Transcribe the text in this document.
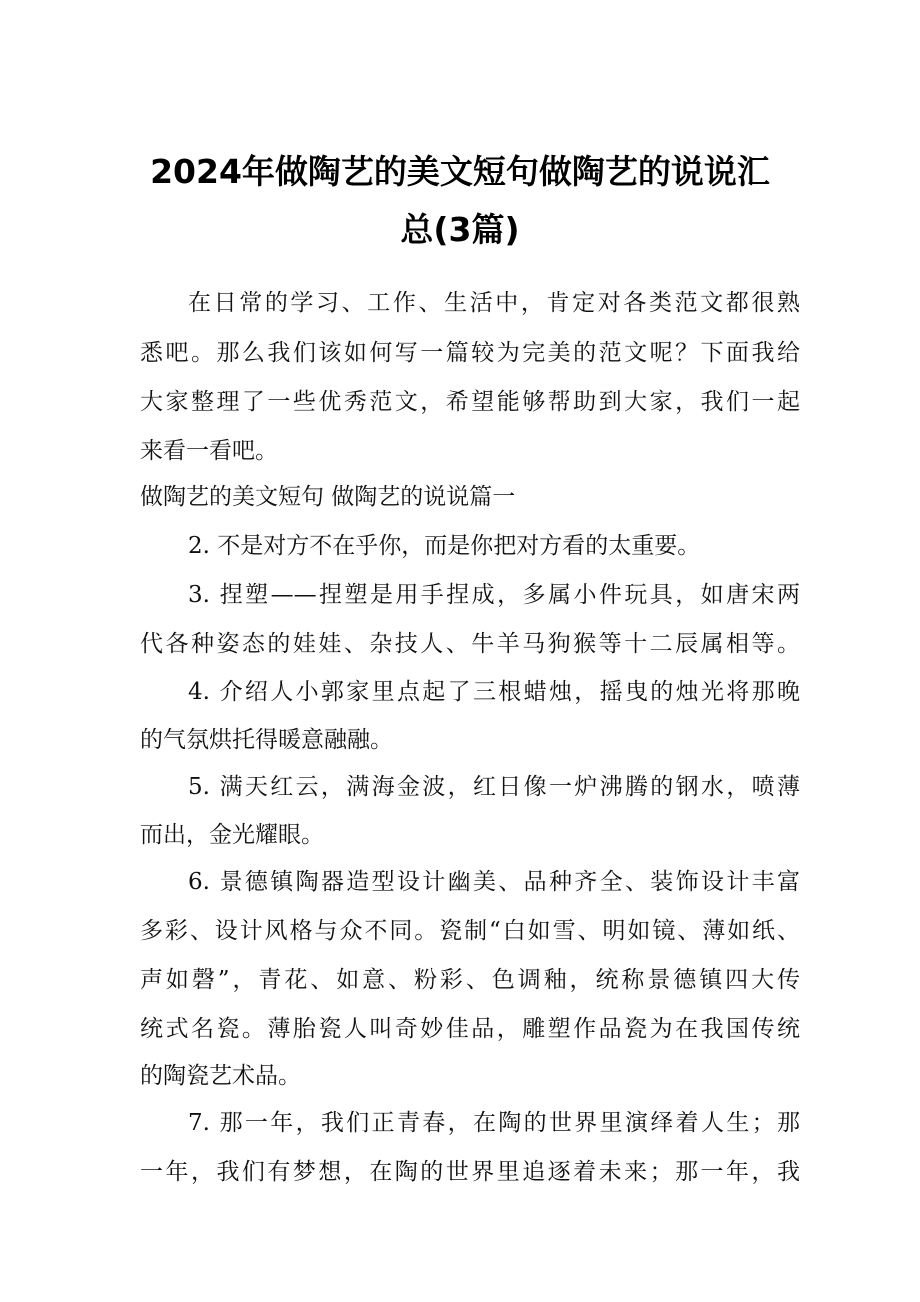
2024年做陶艺的美文短句做陶艺的说说汇
总(3篇)
在日常的学习、工作、生活中，肯定对各类范文都很熟
悉吧。那么我们该如何写一篇较为完美的范文呢？下面我给
大家整理了一些优秀范文，希望能够帮助到大家，我们一起
来看一看吧。
做陶艺的美文短句 做陶艺的说说篇一
2. 不是对方不在乎你，而是你把对方看的太重要。
3. 捏塑——捏塑是用手捏成，多属小件玩具，如唐宋两
代各种姿态的娃娃、杂技人、牛羊马狗猴等十二辰属相等。
4. 介绍人小郭家里点起了三根蜡烛，摇曳的烛光将那晚
的气氛烘托得暖意融融。
5. 满天红云，满海金波，红日像一炉沸腾的钢水，喷薄
而出，金光耀眼。
6. 景德镇陶器造型设计幽美、品种齐全、装饰设计丰富
多彩、设计风格与众不同。瓷制“白如雪、明如镜、薄如纸、
声如磬”，青花、如意、粉彩、色调釉，统称景德镇四大传
统式名瓷。薄胎瓷人叫奇妙佳品，雕塑作品瓷为在我国传统
的陶瓷艺术品。
7. 那一年，我们正青春，在陶的世界里演绎着人生；那
一年，我们有梦想，在陶的世界里追逐着未来；那一年，我
